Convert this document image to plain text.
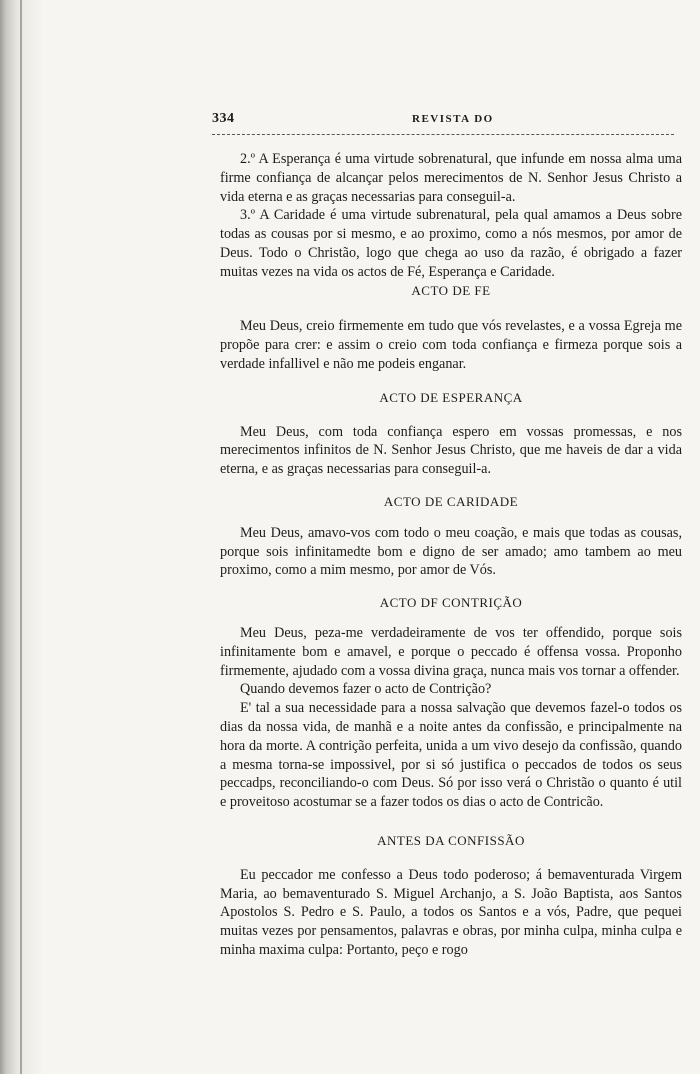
334	REVISTA DO

2.º A Esperança é uma virtude sobrenatural, que infunde em nossa alma uma firme confiança de alcançar pelos merecimentos de N. Senhor Jesus Christo a vida eterna e as graças necessarias para conseguil-a.

3.º A Caridade é uma virtude subrenatural, pela qual amamos a Deus sobre todas as cousas por si mesmo, e ao proximo, como a nós mesmos, por amor de Deus. Todo o Christão, logo que chega ao uso da razão, é obrigado a fazer muitas vezes na vida os actos de Fé, Esperança e Caridade.

ACTO DE FE

Meu Deus, creio firmemente em tudo que vós revelastes, e a vossa Egreja me propõe para crer: e assim o creio com toda confiança e firmeza porque sois a verdade infallivel e não me podeis enganar.

ACTO DE ESPERANÇA

Meu Deus, com toda confiança espero em vossas promessas, e nos merecimentos infinitos de N. Senhor Jesus Christo, que me haveis de dar a vida eterna, e as graças necessarias para conseguil-a.

ACTO DE CARIDADE

Meu Deus, amavo-vos com todo o meu coação, e mais que todas as cousas, porque sois infinitamedte bom e digno de ser amado; amo tambem ao meu proximo, como a mim mesmo, por amor de Vós.

ACTO DF CONTRIÇÃO

Meu Deus, peza-me verdadeiramente de vos ter offendido, porque sois infinitamente bom e amavel, e porque o peccado é offensa vossa. Proponho firmemente, ajudado com a vossa divina graça, nunca mais vos tornar a offender.

Quando devemos fazer o acto de Contrição?

E' tal a sua necessidade para a nossa salvação que devemos fazel-o todos os dias da nossa vida, de manhã e a noite antes da confissão, e principalmente na hora da morte. A contrição perfeita, unida a um vivo desejo da confissão, quando a mesma torna-se impossivel, por si só justifica o peccados de todos os seus peccadps, reconciliando-o com Deus. Só por isso verá o Christão o quanto é util e proveitoso acostumar se a fazer todos os dias o acto de Contricão.

ANTES DA CONFISSÃO

Eu peccador me confesso a Deus todo poderoso; á bemaventurada Virgem Maria, ao bemaventurado S. Miguel Archanjo, a S. João Baptista, aos Santos Apostolos S. Pedro e S. Paulo, a todos os Santos e a vós, Padre, que pequei muitas vezes por pensamentos, palavras e obras, por minha culpa, minha culpa e minha maxima culpa: Portanto, peço e rogo
